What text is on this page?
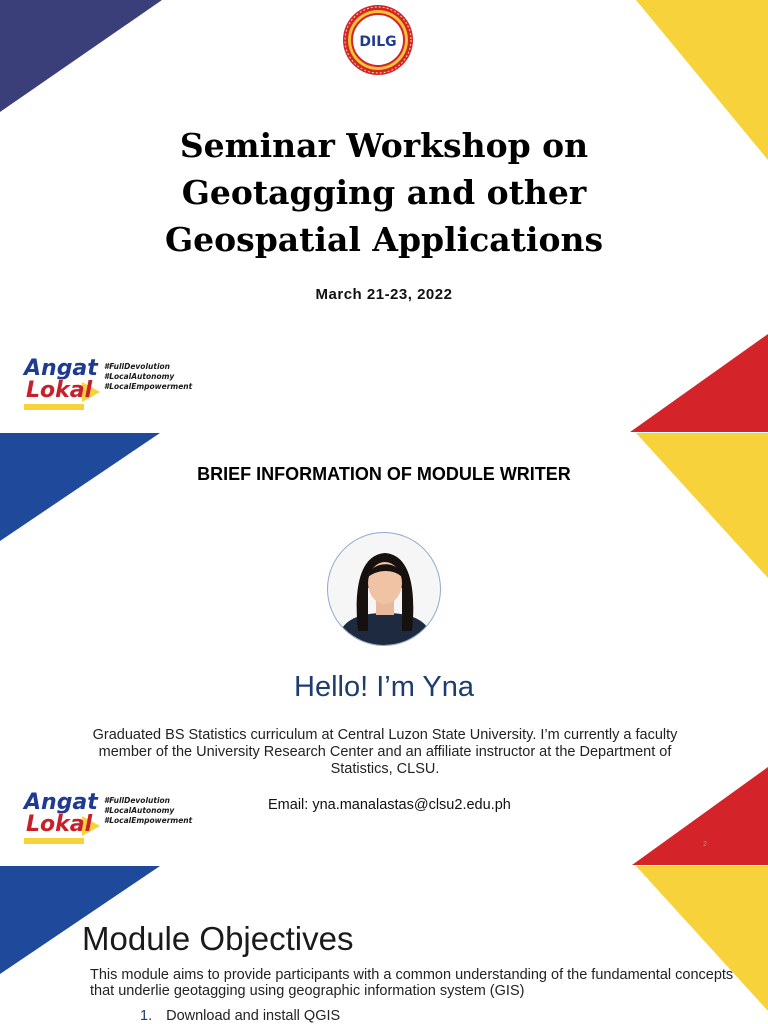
DILG
Seminar Workshop on
Geotagging and other
Geospatial Applications
March 21-23, 2022
Angat
Lokal
#FullDevolution
#LocalAutonomy
#LocalEmpowerment
BRIEF INFORMATION OF MODULE WRITER
Hello! I’m Yna
Graduated BS Statistics curriculum at Central Luzon State University. I’m currently a faculty member of the University Research Center and an affiliate instructor at the Department of Statistics, CLSU.
Email: yna.manalastas@clsu2.edu.ph
2
Angat
Lokal
#FullDevolution
#LocalAutonomy
#LocalEmpowerment
Module Objectives
This module aims to provide participants with a common understanding of the fundamental concepts that underlie geotagging using geographic information system (GIS)
1. Download and install QGIS
